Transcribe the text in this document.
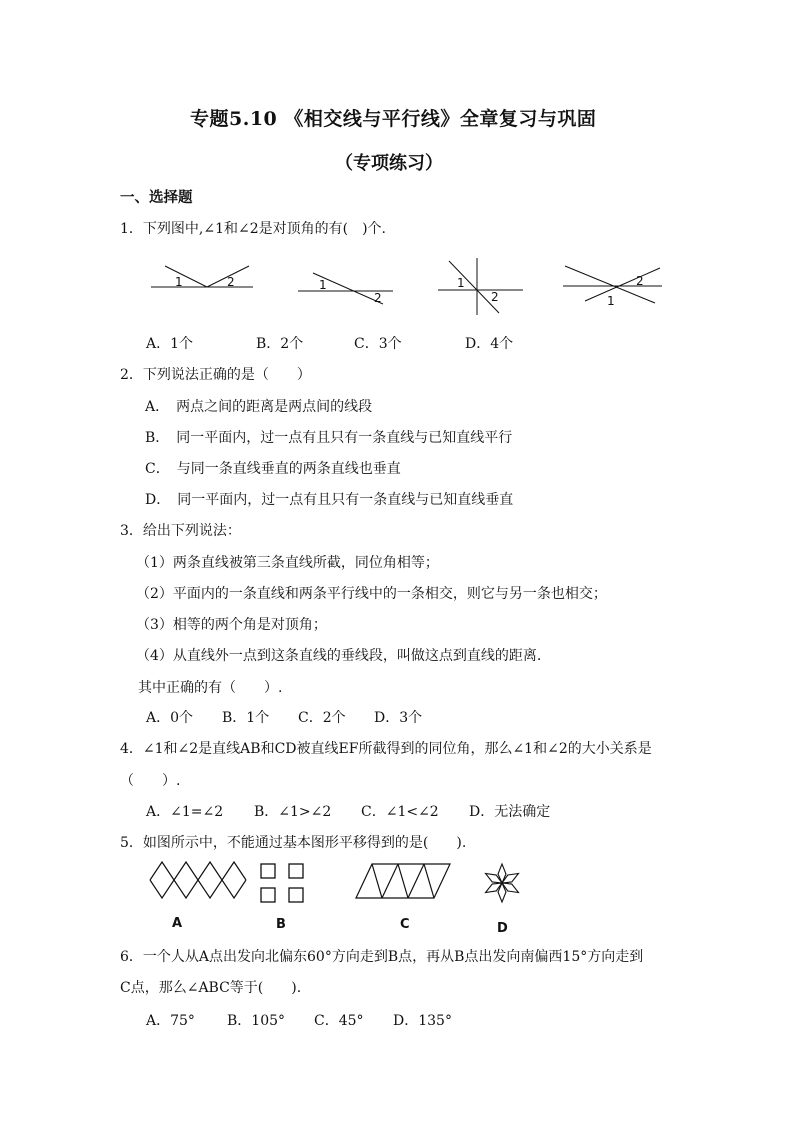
专题5.10 《相交线与平行线》全章复习与巩固
（专项练习）
一、选择题
1．下列图中,∠1和∠2是对顶角的有(　)个.
1	2	1
2
1
2
2
1
A．1个	B．2个	C．3个	D．4个
2．下列说法正确的是（　　）
A．　两点之间的距离是两点间的线段
B．　同一平面内，过一点有且只有一条直线与已知直线平行
C．　与同一条直线垂直的两条直线也垂直
D．　同一平面内，过一点有且只有一条直线与已知直线垂直
3．给出下列说法：
（1）两条直线被第三条直线所截，同位角相等；
（2）平面内的一条直线和两条平行线中的一条相交，则它与另一条也相交；
（3）相等的两个角是对顶角；
（4）从直线外一点到这条直线的垂线段，叫做这点到直线的距离.
其中正确的有（　　）.
A．0个 B．1个 C．2个 D．3个
4．∠1和∠2是直线AB和CD被直线EF所截得到的同位角，那么∠1和∠2的大小关系是
（　　）.
A．∠1=∠2 B．∠1>∠2 C．∠1<∠2 D．无法确定
5．如图所示中，不能通过基本图形平移得到的是(　　).
A	B	C	D
6．一个人从A点出发向北偏东60°方向走到B点，再从B点出发向南偏西15°方向走到
C点，那么∠ABC等于(　　).
A．75° B．105° C．45° D．135°
